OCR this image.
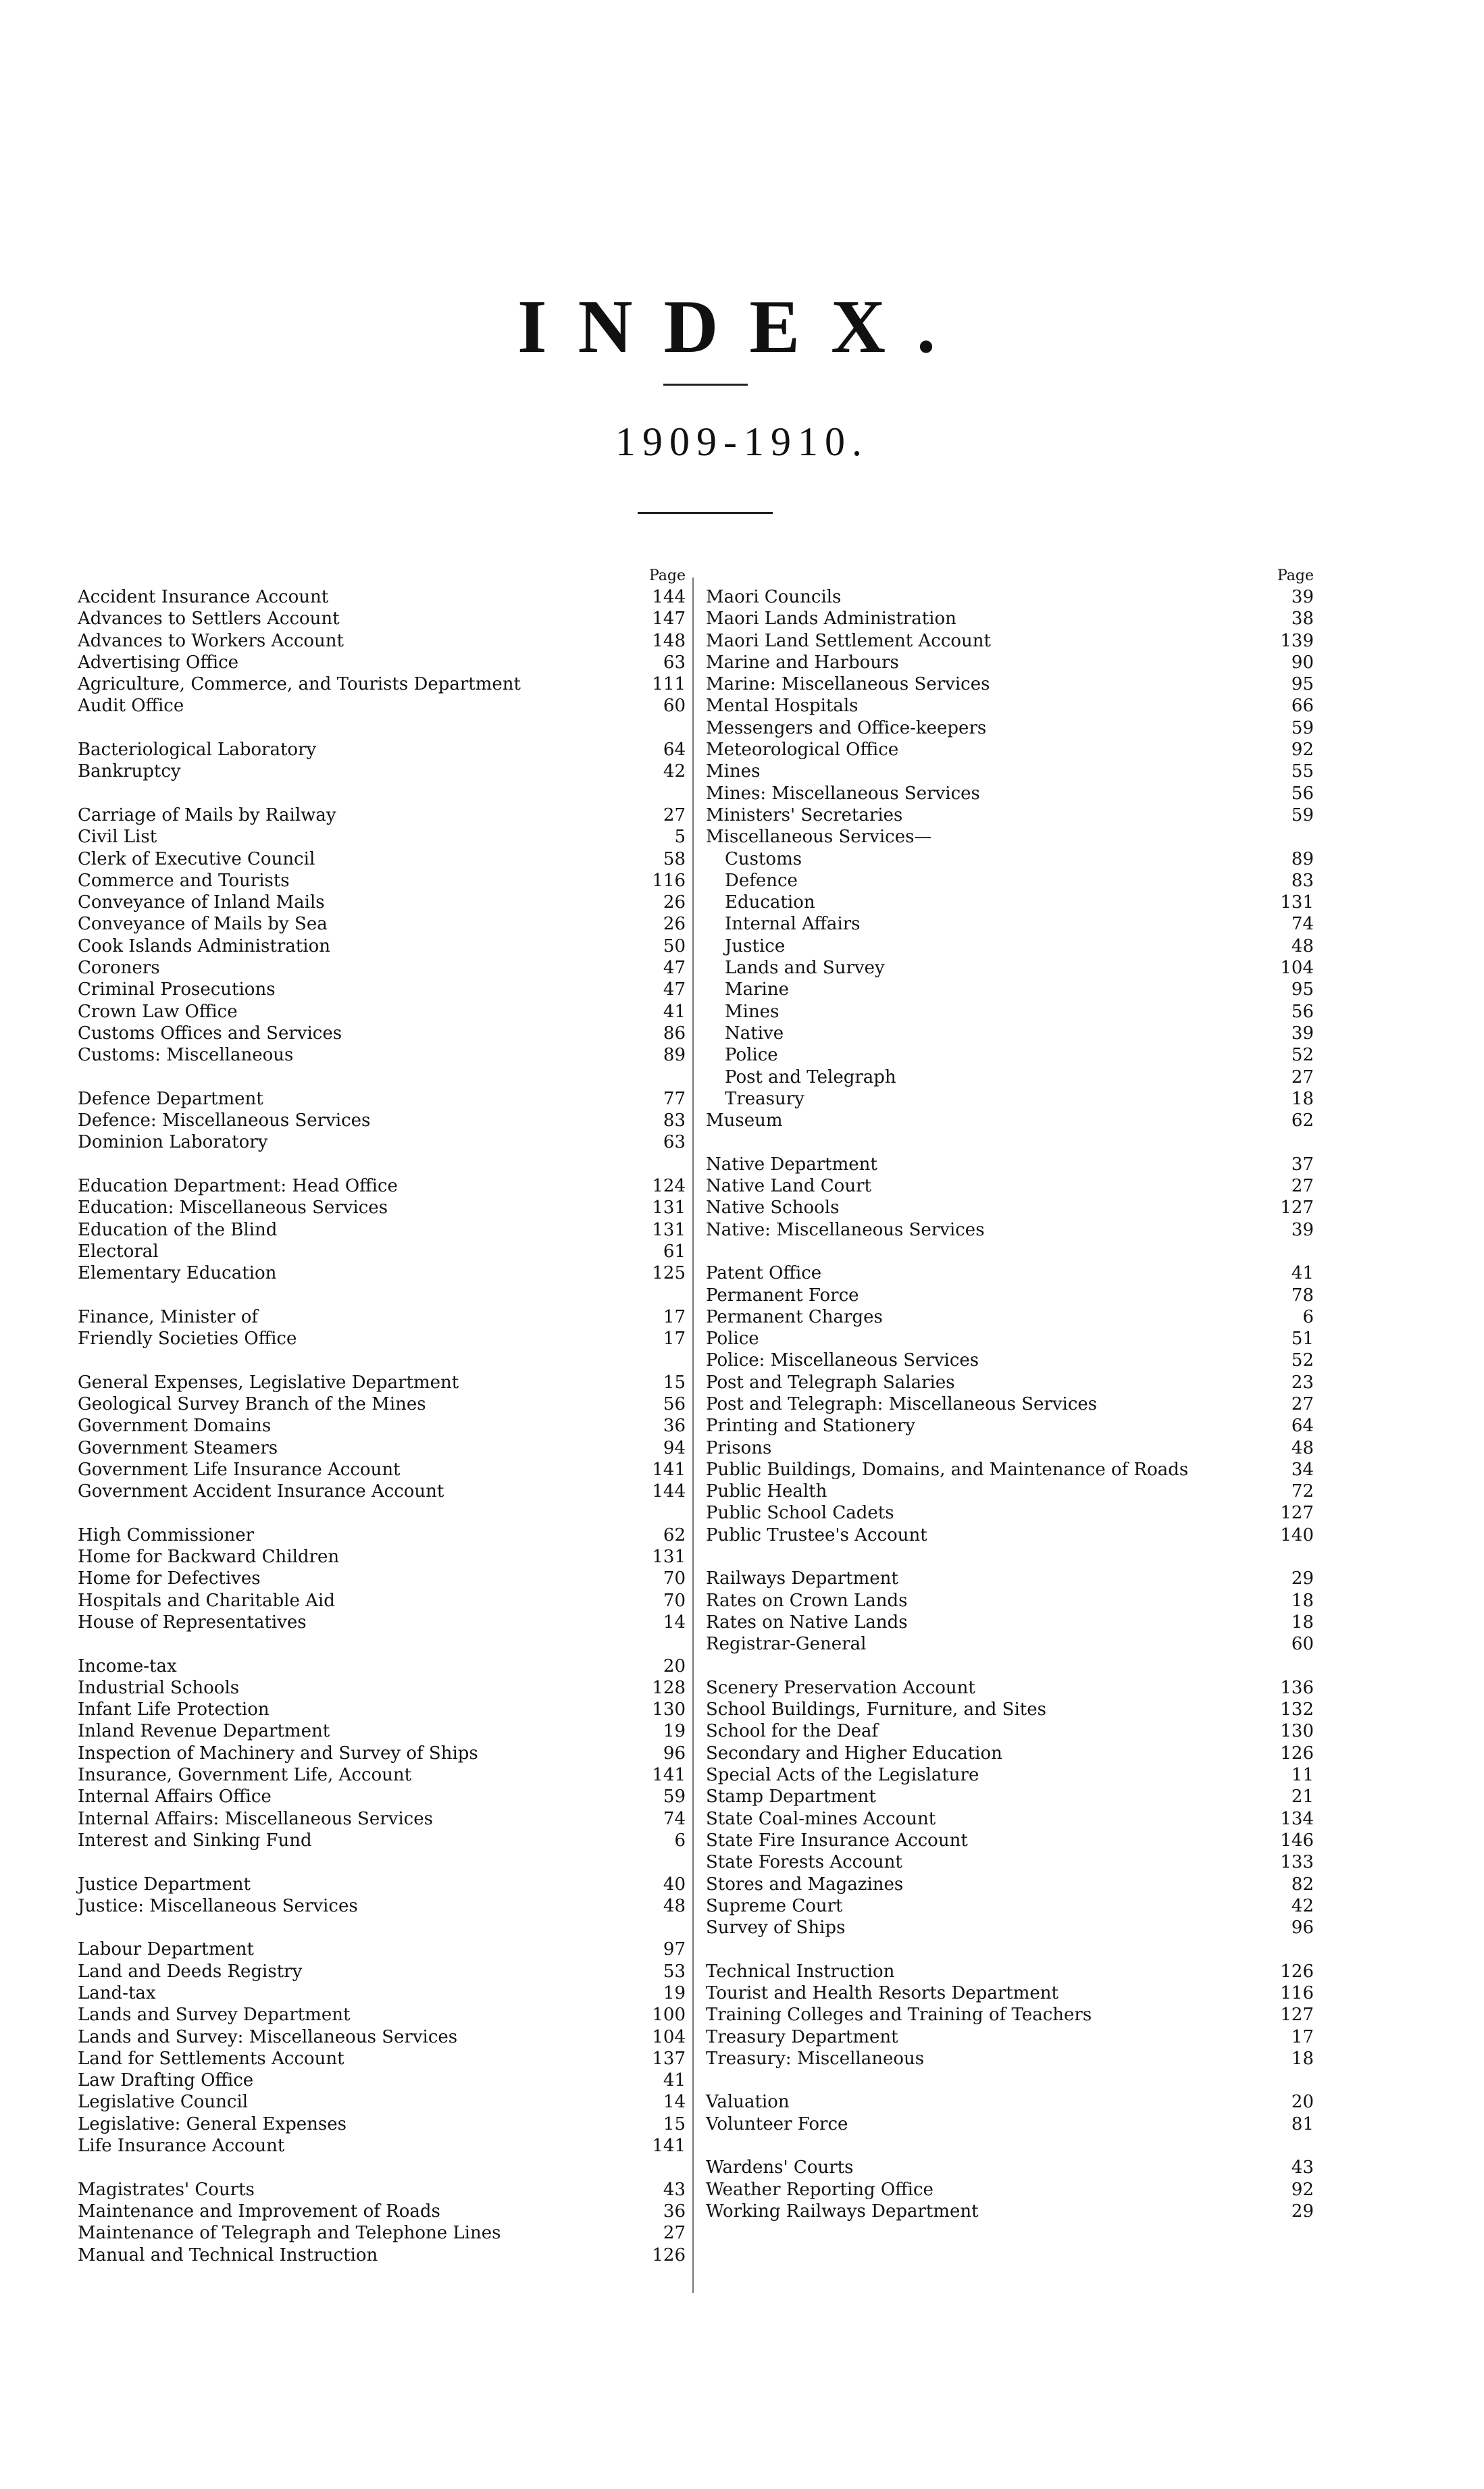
INDEX.
1909-1910.
Page
Accident Insurance Account	144
Advances to Settlers Account	147
Advances to Workers Account	148
Advertising Office	63
Agriculture, Commerce, and Tourists Department	111
Audit Office	60
Bacteriological Laboratory	64
Bankruptcy	42
Carriage of Mails by Railway	27
Civil List	5
Clerk of Executive Council	58
Commerce and Tourists	116
Conveyance of Inland Mails	26
Conveyance of Mails by Sea	26
Cook Islands Administration	50
Coroners	47
Criminal Prosecutions	47
Crown Law Office	41
Customs Offices and Services	86
Customs: Miscellaneous	89
Defence Department	77
Defence: Miscellaneous Services	83
Dominion Laboratory	63
Education Department: Head Office	124
Education: Miscellaneous Services	131
Education of the Blind	131
Electoral	61
Elementary Education	125
Finance, Minister of	17
Friendly Societies Office	17
General Expenses, Legislative Department	15
Geological Survey Branch of the Mines	56
Government Domains	36
Government Steamers	94
Government Life Insurance Account	141
Government Accident Insurance Account	144
High Commissioner	62
Home for Backward Children	131
Home for Defectives	70
Hospitals and Charitable Aid	70
House of Representatives	14
Income-tax	20
Industrial Schools	128
Infant Life Protection	130
Inland Revenue Department	19
Inspection of Machinery and Survey of Ships	96
Insurance, Government Life, Account	141
Internal Affairs Office	59
Internal Affairs: Miscellaneous Services	74
Interest and Sinking Fund	6
Justice Department	40
Justice: Miscellaneous Services	48
Labour Department	97
Land and Deeds Registry	53
Land-tax	19
Lands and Survey Department	100
Lands and Survey: Miscellaneous Services	104
Land for Settlements Account	137
Law Drafting Office	41
Legislative Council	14
Legislative: General Expenses	15
Life Insurance Account	141
Magistrates' Courts	43
Maintenance and Improvement of Roads	36
Maintenance of Telegraph and Telephone Lines	27
Manual and Technical Instruction	126
Page
Maori Councils	39
Maori Lands Administration	38
Maori Land Settlement Account	139
Marine and Harbours	90
Marine: Miscellaneous Services	95
Mental Hospitals	66
Messengers and Office-keepers	59
Meteorological Office	92
Mines	55
Mines: Miscellaneous Services	56
Ministers' Secretaries	59
Miscellaneous Services—
Customs	89
Defence	83
Education	131
Internal Affairs	74
Justice	48
Lands and Survey	104
Marine	95
Mines	56
Native	39
Police	52
Post and Telegraph	27
Treasury	18
Museum	62
Native Department	37
Native Land Court	27
Native Schools	127
Native: Miscellaneous Services	39
Patent Office	41
Permanent Force	78
Permanent Charges	6
Police	51
Police: Miscellaneous Services	52
Post and Telegraph Salaries	23
Post and Telegraph: Miscellaneous Services	27
Printing and Stationery	64
Prisons	48
Public Buildings, Domains, and Maintenance of Roads	34
Public Health	72
Public School Cadets	127
Public Trustee's Account	140
Railways Department	29
Rates on Crown Lands	18
Rates on Native Lands	18
Registrar-General	60
Scenery Preservation Account	136
School Buildings, Furniture, and Sites	132
School for the Deaf	130
Secondary and Higher Education	126
Special Acts of the Legislature	11
Stamp Department	21
State Coal-mines Account	134
State Fire Insurance Account	146
State Forests Account	133
Stores and Magazines	82
Supreme Court	42
Survey of Ships	96
Technical Instruction	126
Tourist and Health Resorts Department	116
Training Colleges and Training of Teachers	127
Treasury Department	17
Treasury: Miscellaneous	18
Valuation	20
Volunteer Force	81
Wardens' Courts	43
Weather Reporting Office	92
Working Railways Department	29
